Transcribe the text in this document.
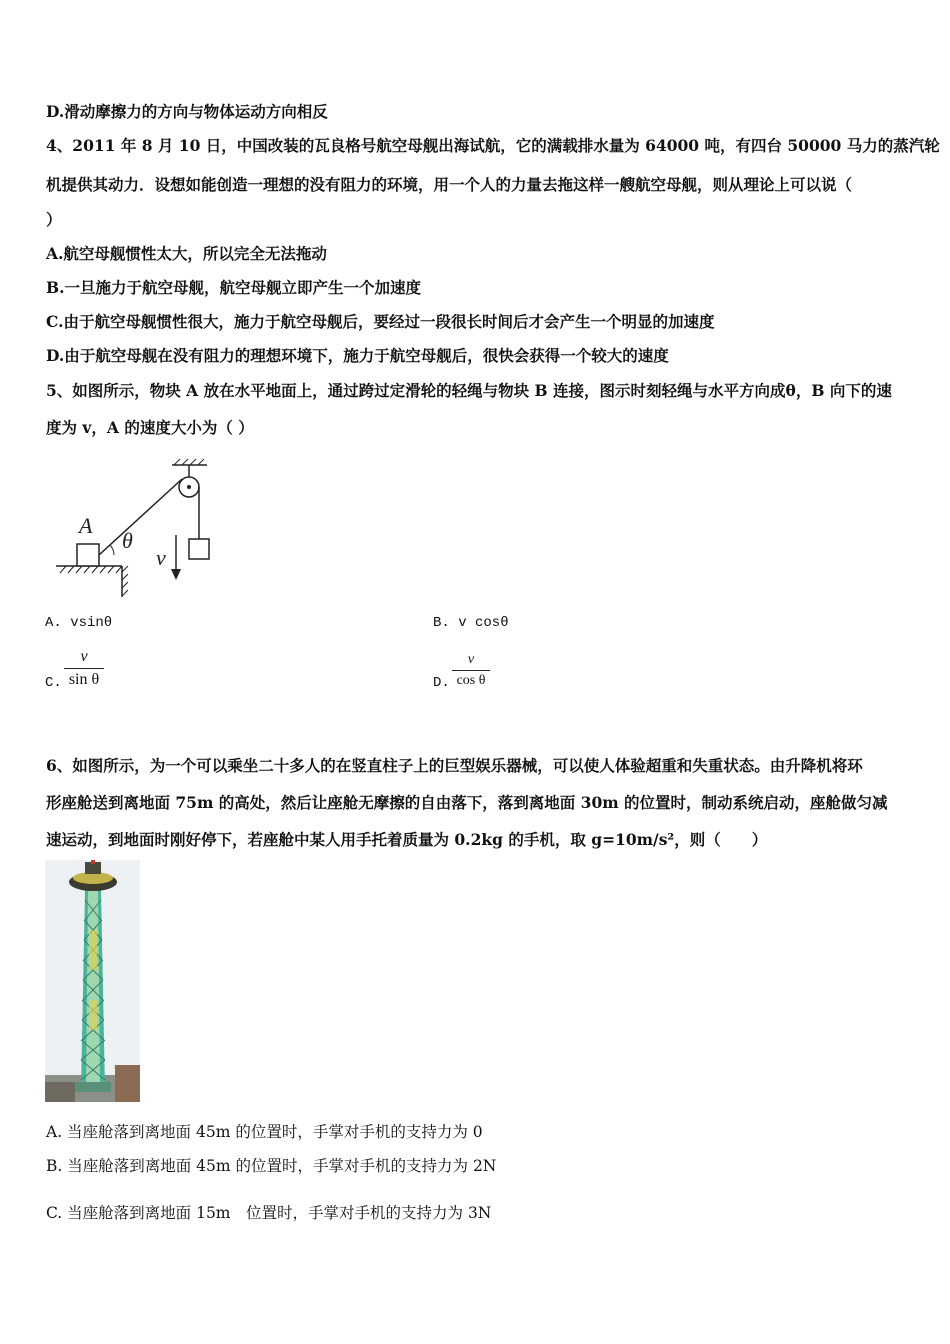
D.滑动摩擦力的方向与物体运动方向相反
4、2011 年 8 月 10 日，中国改装的瓦良格号航空母舰出海试航，它的满载排水量为 64000 吨，有四台 50000 马力的蒸汽轮
机提供其动力．设想如能创造一理想的没有阻力的环境，用一个人的力量去拖这样一艘航空母舰，则从理论上可以说（
）
A.航空母舰惯性太大，所以完全无法拖动
B.一旦施力于航空母舰，航空母舰立即产生一个加速度
C.由于航空母舰惯性很大，施力于航空母舰后，要经过一段很长时间后才会产生一个明显的加速度
D.由于航空母舰在没有阻力的理想环境下，施力于航空母舰后，很快会获得一个较大的速度
5、如图所示，物块 A 放在水平地面上，通过跨过定滑轮的轻绳与物块 B 连接，图示时刻轻绳与水平方向成θ，B 向下的速
度为 v，A 的速度大小为（ ）
A
θ
v
A. vsinθ	B. v cosθ
C.
v
sin θ	D.
v
cos θ
6、如图所示，为一个可以乘坐二十多人的在竖直柱子上的巨型娱乐器械，可以使人体验超重和失重状态。由升降机将环
形座舱送到离地面 75m 的高处，然后让座舱无摩擦的自由落下，落到离地面 30m 的位置时，制动系统启动，座舱做匀减
速运动，到地面时刚好停下，若座舱中某人用手托着质量为 0.2kg 的手机，取 g=10m/s²，则（　　）
A. 当座舱落到离地面 45m 的位置时，手掌对手机的支持力为 0
B. 当座舱落到离地面 45m 的位置时，手掌对手机的支持力为 2N
C. 当座舱落到离地面 15m　位置时，手掌对手机的支持力为 3N
